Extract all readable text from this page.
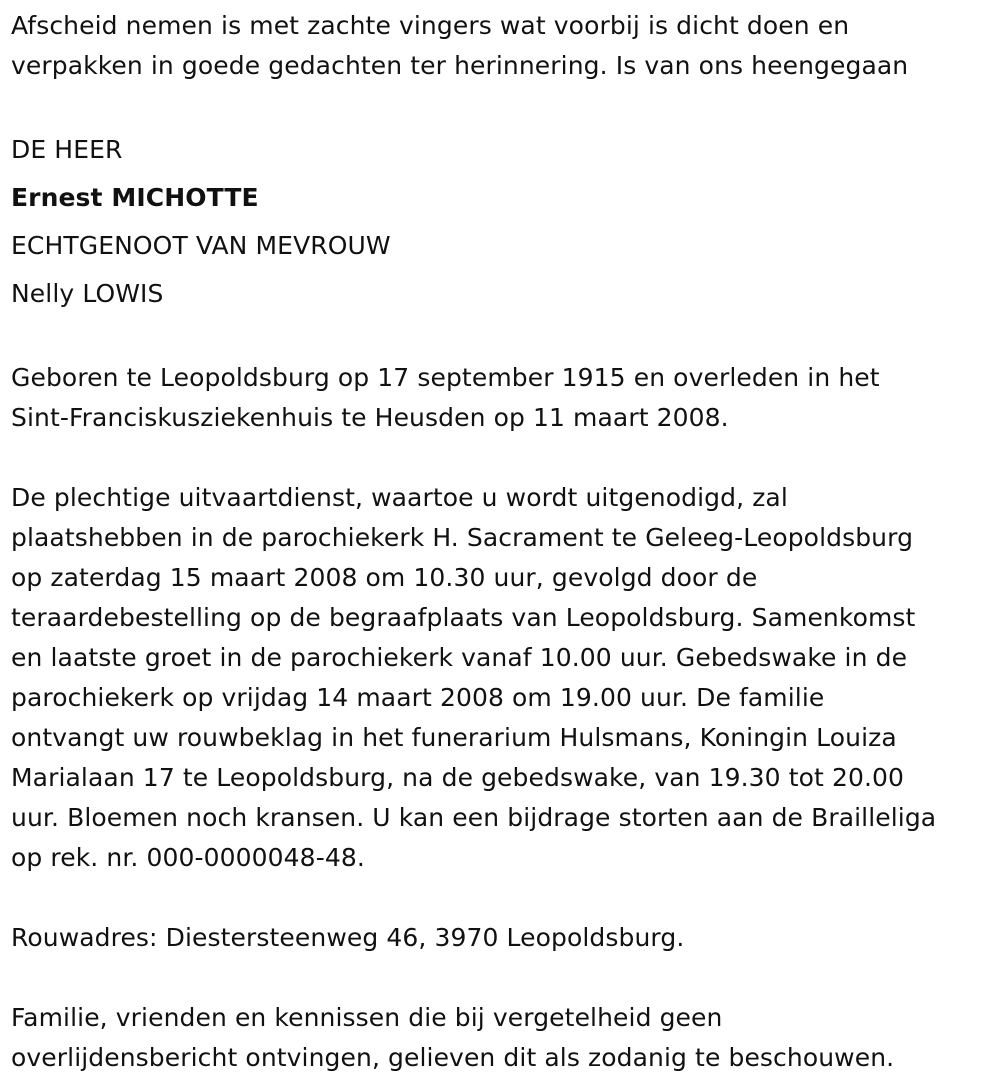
Afscheid nemen is met zachte vingers wat voorbij is dicht doen en
verpakken in goede gedachten ter herinnering. Is van ons heengegaan
DE HEER
Ernest MICHOTTE
ECHTGENOOT VAN MEVROUW
Nelly LOWIS
Geboren te Leopoldsburg op 17 september 1915 en overleden in het
Sint-Franciskusziekenhuis te Heusden op 11 maart 2008.
De plechtige uitvaartdienst, waartoe u wordt uitgenodigd, zal
plaatshebben in de parochiekerk H. Sacrament te Geleeg-Leopoldsburg
op zaterdag 15 maart 2008 om 10.30 uur, gevolgd door de
teraardebestelling op de begraafplaats van Leopoldsburg. Samenkomst
en laatste groet in de parochiekerk vanaf 10.00 uur. Gebedswake in de
parochiekerk op vrijdag 14 maart 2008 om 19.00 uur. De familie
ontvangt uw rouwbeklag in het funerarium Hulsmans, Koningin Louiza
Marialaan 17 te Leopoldsburg, na de gebedswake, van 19.30 tot 20.00
uur. Bloemen noch kransen. U kan een bijdrage storten aan de Brailleliga
op rek. nr. 000-0000048-48.
Rouwadres: Diestersteenweg 46, 3970 Leopoldsburg.
Familie, vrienden en kennissen die bij vergetelheid geen
overlijdensbericht ontvingen, gelieven dit als zodanig te beschouwen.
